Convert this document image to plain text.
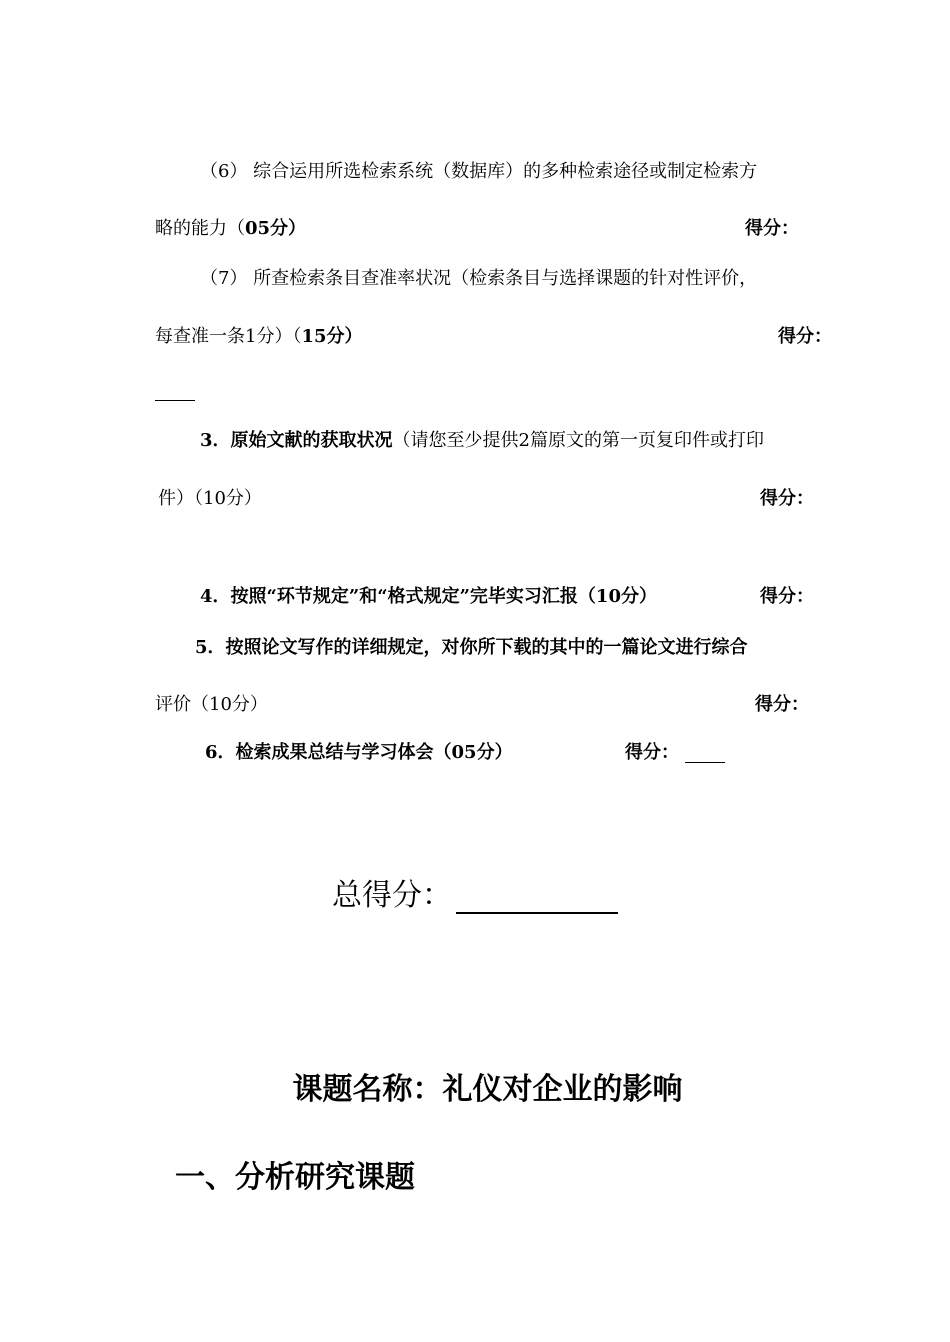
（6） 综合运用所选检索系统（数据库）的多种检索途径或制定检索方
略的能力（05分）	得分：
（7） 所查检索条目查准率状况（检索条目与选择课题的针对性评价，
每查准一条1分）（15分）	得分：
3．原始文献的获取状况（请您至少提供2篇原文的第一页复印件或打印
件）（10分）	得分：
4．按照“环节规定”和“格式规定”完毕实习汇报（10分）	得分：
5．按照论文写作的详细规定，对你所下载的其中的一篇论文进行综合
评价（10分）	得分：
6．检索成果总结与学习体会（05分）	得分：
总得分：
课题名称：礼仪对企业的影响
一、分析研究课题
